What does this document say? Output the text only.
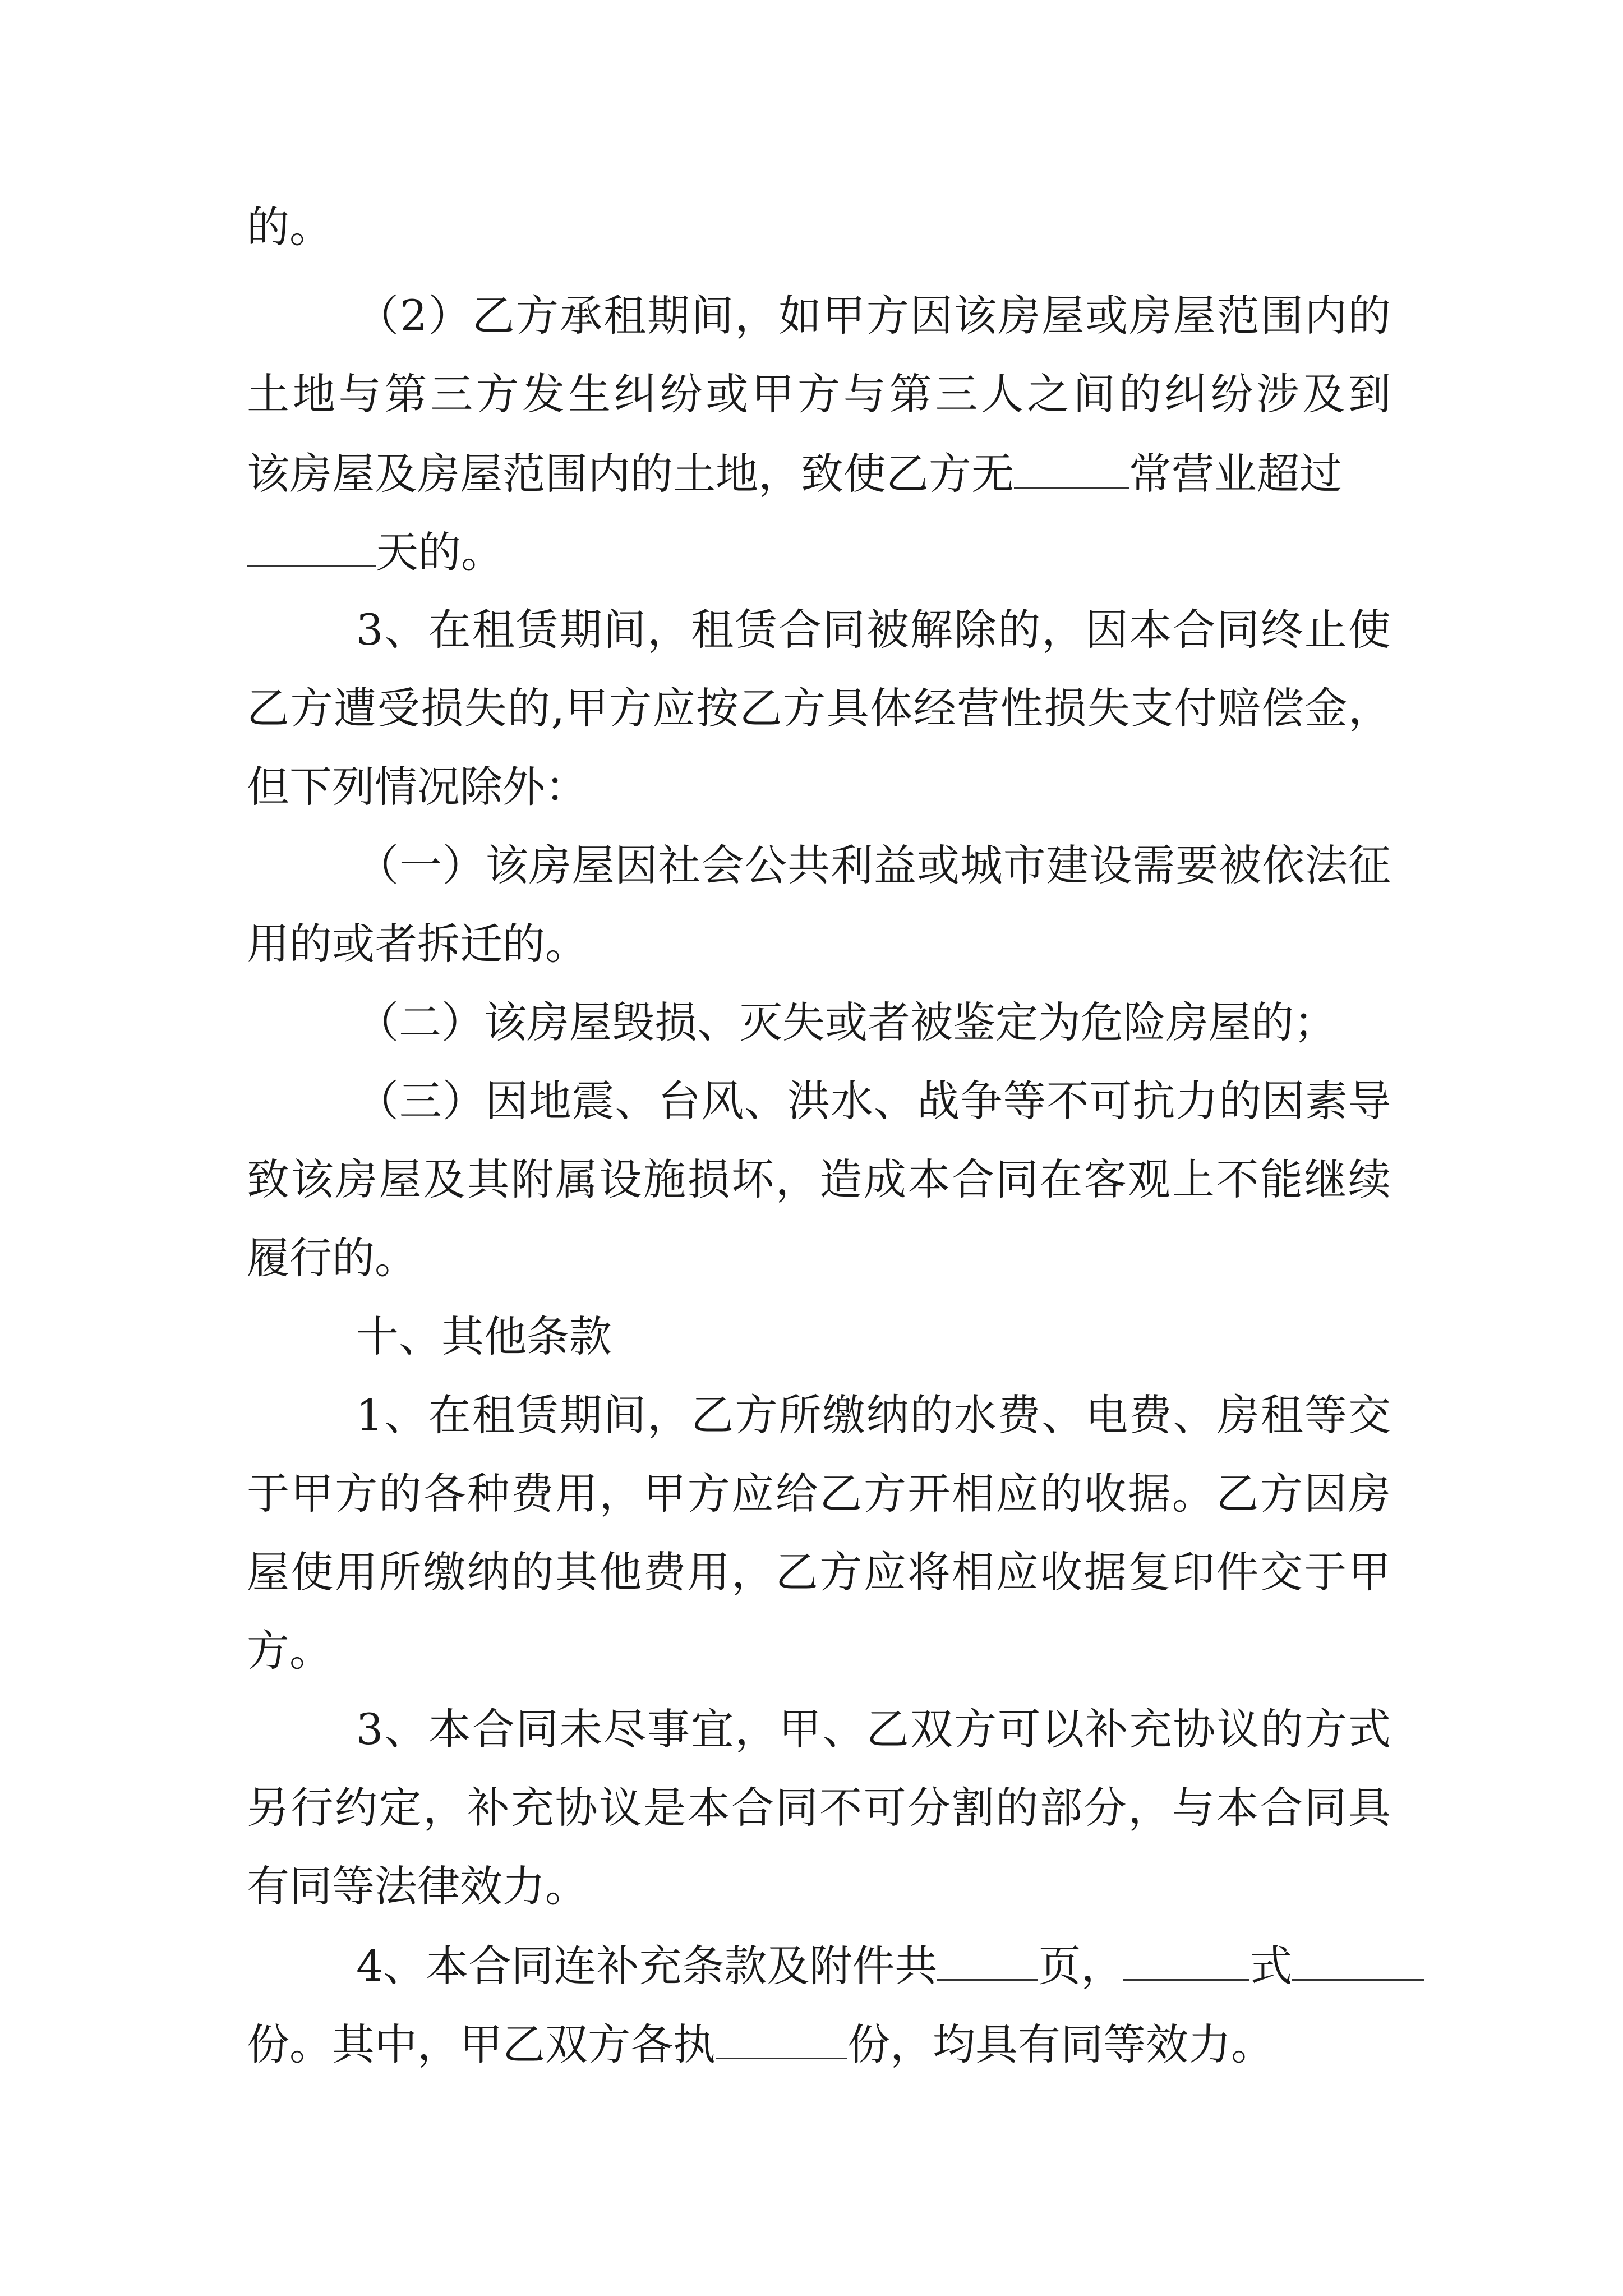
的。
（2）乙方承租期间，如甲方因该房屋或房屋范围内的
土地与第三方发生纠纷或甲方与第三人之间的纠纷涉及到
该房屋及房屋范围内的土地，致使乙方无	常营业超过
天的。
3、在租赁期间，租赁合同被解除的，因本合同终止使
乙方遭受损失的,甲方应按乙方具体经营性损失支付赔偿金，
但下列情况除外：
（一）该房屋因社会公共利益或城市建设需要被依法征
用的或者拆迁的。
（二）该房屋毁损、灭失或者被鉴定为危险房屋的；
（三）因地震、台风、洪水、战争等不可抗力的因素导
致该房屋及其附属设施损坏，造成本合同在客观上不能继续
履行的。
十、其他条款
1、在租赁期间，乙方所缴纳的水费、电费、房租等交
于甲方的各种费用，甲方应给乙方开相应的收据。乙方因房
屋使用所缴纳的其他费用，乙方应将相应收据复印件交于甲
方。
3、本合同未尽事宜，甲、乙双方可以补充协议的方式
另行约定，补充协议是本合同不可分割的部分，与本合同具
有同等法律效力。
4、本合同连补充条款及附件共 页，	式
份。其中，甲乙双方各执	份，均具有同等效力。
